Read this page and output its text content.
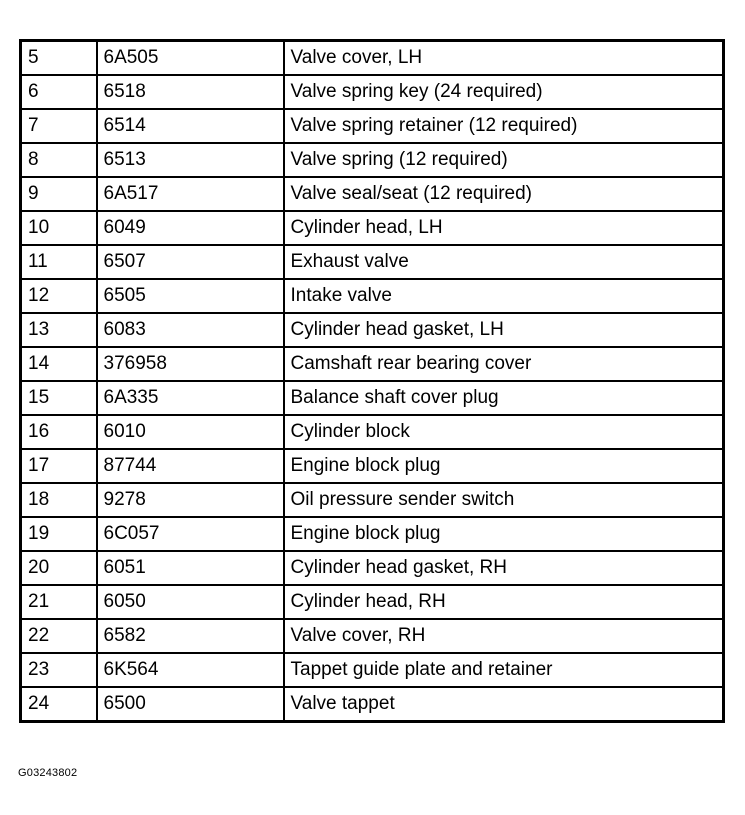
5	6A505	Valve cover, LH
6	6518	Valve spring key (24 required)
7	6514	Valve spring retainer (12 required)
8	6513	Valve spring (12 required)
9	6A517	Valve seal/seat (12 required)
10	6049	Cylinder head, LH
11	6507	Exhaust valve
12	6505	Intake valve
13	6083	Cylinder head gasket, LH
14	376958	Camshaft rear bearing cover
15	6A335	Balance shaft cover plug
16	6010	Cylinder block
17	87744	Engine block plug
18	9278	Oil pressure sender switch
19	6C057	Engine block plug
20	6051	Cylinder head gasket, RH
21	6050	Cylinder head, RH
22	6582	Valve cover, RH
23	6K564	Tappet guide plate and retainer
24	6500	Valve tappet
G03243802
